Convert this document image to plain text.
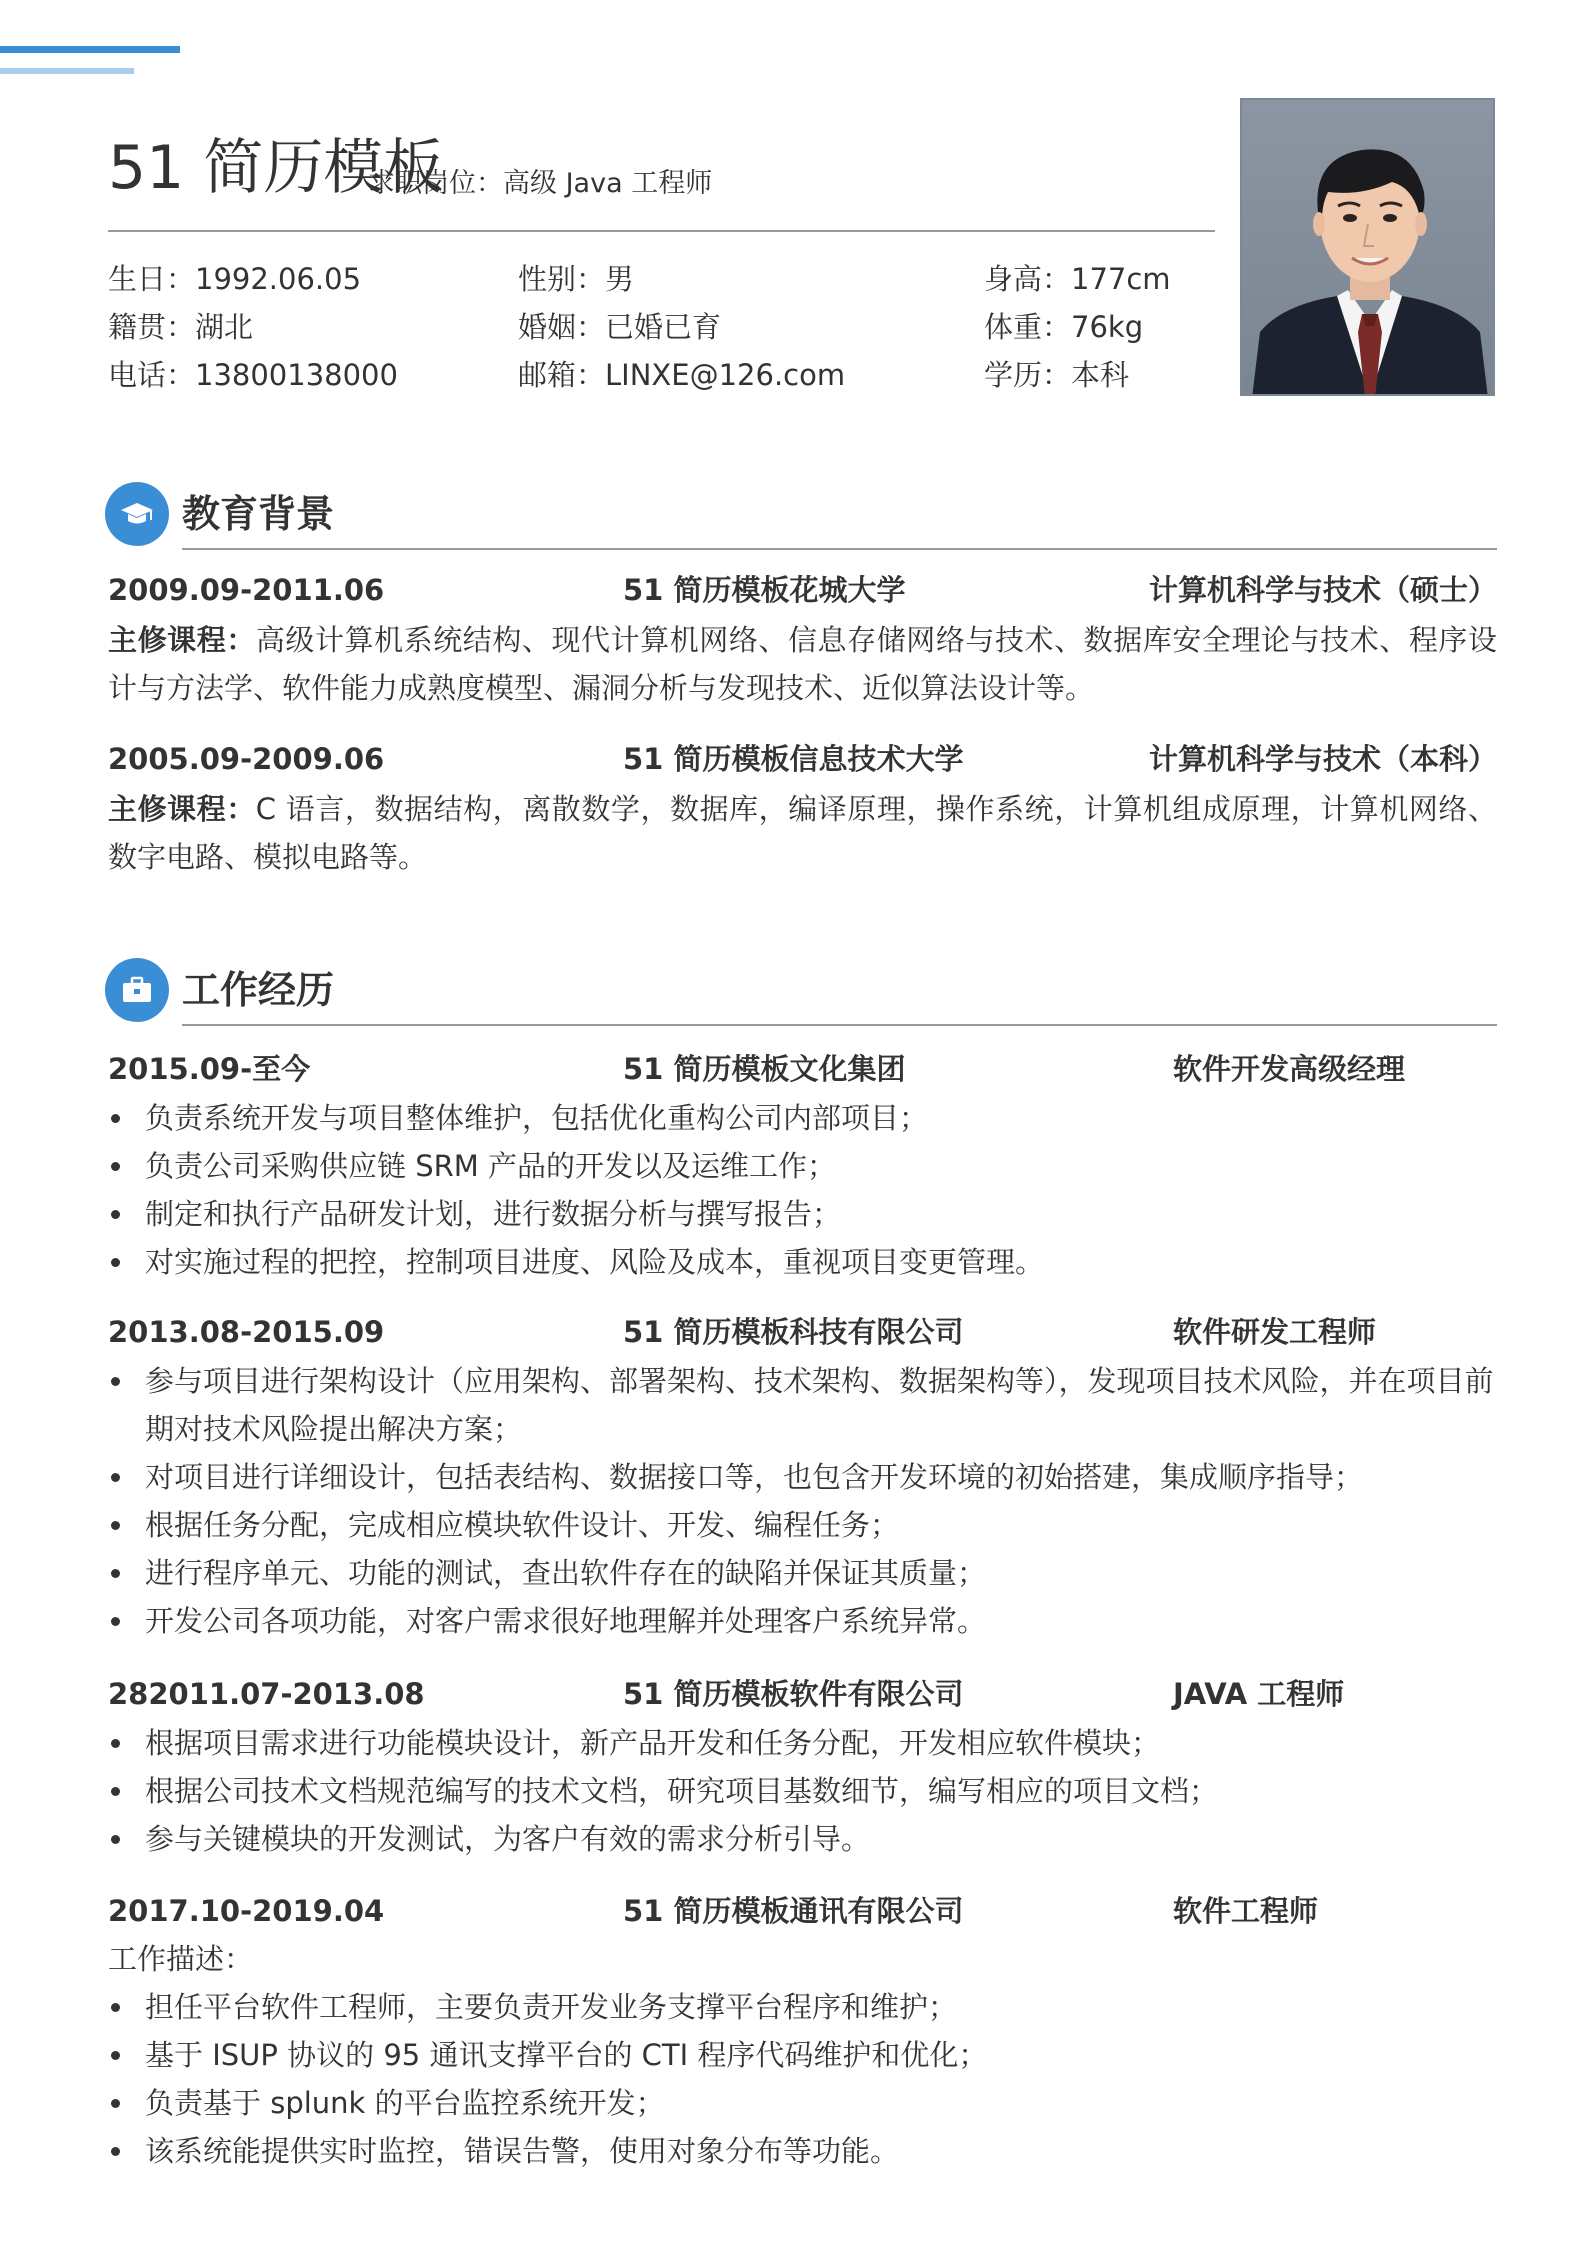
51 简历模板
求职岗位：高级 Java 工程师
生日：1992.06.05	性别：男	身高：177cm
籍贯：湖北	婚姻：已婚已育	体重：76kg
电话：13800138000	邮箱：LINXE@126.com	学历：本科
教育背景
2009.09-2011.06	51 简历模板花城大学	计算机科学与技术（硕士）
主修课程：高级计算机系统结构、现代计算机网络、信息存储网络与技术、数据库安全理论与技术、程序设计与方法学、软件能力成熟度模型、漏洞分析与发现技术、近似算法设计等。
2005.09-2009.06	51 简历模板信息技术大学	计算机科学与技术（本科）
主修课程：C 语言，数据结构，离散数学，数据库，编译原理，操作系统，计算机组成原理，计算机网络、数字电路、模拟电路等。
工作经历
2015.09-至今	51 简历模板文化集团	软件开发高级经理
负责系统开发与项目整体维护，包括优化重构公司内部项目；
负责公司采购供应链 SRM 产品的开发以及运维工作；
制定和执行产品研发计划，进行数据分析与撰写报告；
对实施过程的把控，控制项目进度、风险及成本，重视项目变更管理。
2013.08-2015.09	51 简历模板科技有限公司	软件研发工程师
参与项目进行架构设计（应用架构、部署架构、技术架构、数据架构等），发现项目技术风险，并在项目前期对技术风险提出解决方案；
对项目进行详细设计，包括表结构、数据接口等，也包含开发环境的初始搭建，集成顺序指导；
根据任务分配，完成相应模块软件设计、开发、编程任务；
进行程序单元、功能的测试，查出软件存在的缺陷并保证其质量；
开发公司各项功能，对客户需求很好地理解并处理客户系统异常。
282011.07-2013.08	51 简历模板软件有限公司	JAVA 工程师
根据项目需求进行功能模块设计，新产品开发和任务分配，开发相应软件模块；
根据公司技术文档规范编写的技术文档，研究项目基数细节，编写相应的项目文档；
参与关键模块的开发测试，为客户有效的需求分析引导。
2017.10-2019.04	51 简历模板通讯有限公司	软件工程师
工作描述：
担任平台软件工程师，主要负责开发业务支撑平台程序和维护；
基于 ISUP 协议的 95 通讯支撑平台的 CTI 程序代码维护和优化；
负责基于 splunk 的平台监控系统开发；
该系统能提供实时监控，错误告警，使用对象分布等功能。
